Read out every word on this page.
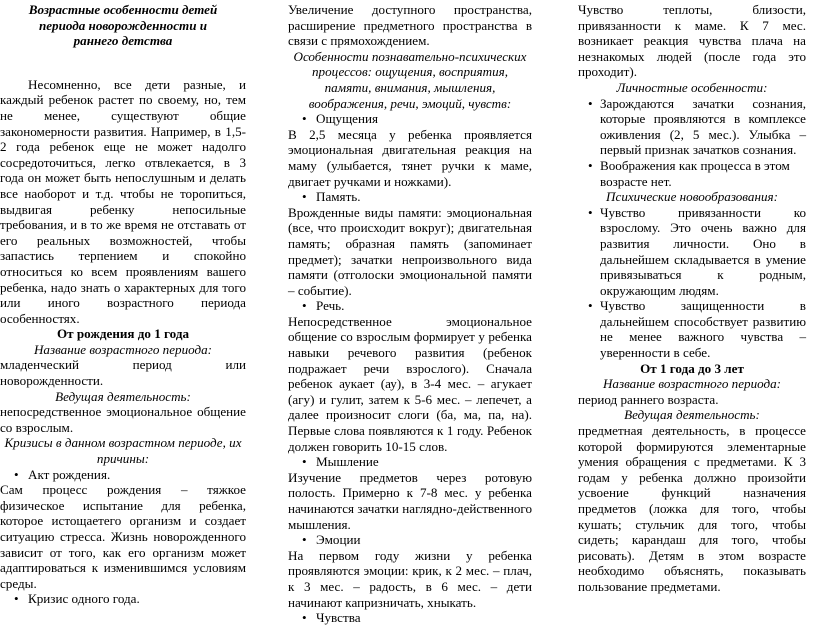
Возрастные особенности детей периода новорожденности и раннего детства

Несомненно, все дети разные, и каждый ребенок растет по своему, но, тем не менее, существуют общие закономерности развития. Например, в 1,5-2 года ребенок еще не может надолго сосредоточиться, легко отвлекается, в 3 года он может быть непослушным и делать все наоборот и т.д. чтобы не торопиться, выдвигая ребенку непосильные требования, и в то же время не отставать от его реальных возможностей, чтобы запастись терпением и спокойно относиться ко всем проявлениям вашего ребенка, надо знать о характерных для того или иного возрастного периода особенностях.

От рождения до 1 года

Название возрастного периода:

младенческий период или новорожденности.

Ведущая деятельность:

непосредственное эмоциональное общение со взрослым.

Кризисы в данном возрастном периоде, их причины:

• Акт рождения.

Сам процесс рождения – тяжкое физическое испытание для ребенка, которое истощаетего организм и создает ситуацию стресса. Жизнь новорожденного зависит от того, как его организм может адаптироваться к изменившимся условиям среды.

• Кризис одного года.

Увеличение доступного пространства, расширение предметного пространства в связи с прямохождением.

Особенности познавательно-психических процессов: ощущения, восприятия, памяти, внимания, мышления, воображения, речи, эмоций, чувств:

• Ощущения

В 2,5 месяца у ребенка проявляется эмоциональная двигательная реакция на маму (улыбается, тянет ручки к маме, двигает ручками и ножками).

• Память.

Врожденные виды памяти: эмоциональная (все, что происходит вокруг); двигательная память; образная память (запоминает предмет); зачатки непроизвольного вида памяти (отголоски эмоциональной памяти – событие).

• Речь.

Непосредственное эмоциональное общение со взрослым формирует у ребенка навыки речевого развития (ребенок подражает речи взрослого). Сначала ребенок аукает (ау), в 3-4 мес. – агукает (агу) и гулит, затем к 5-6 мес. – лепечет, а далее произносит слоги (ба, ма, па, на). Первые слова появляются к 1 году. Ребенок должен говорить 10-15 слов.

• Мышление

Изучение предметов через ротовую полость. Примерно к 7-8 мес. у ребенка начинаются зачатки наглядно-действенного мышления.

• Эмоции

На первом году жизни у ребенка проявляются эмоции: крик, к 2 мес. – плач, к 3 мес. – радость, в 6 мес. – дети начинают капризничать, хныкать.

• Чувства

Чувство теплоты, близости, привязанности к маме. К 7 мес. возникает реакция чувства плача на незнакомых людей (после года это проходит).

Личностные особенности:

• Зарождаются зачатки сознания, которые проявляются в комплексе оживления (2, 5 мес.). Улыбка – первый признак зачатков сознания.

• Воображения как процесса в этом возрасте нет.

Психические новообразования:

• Чувство привязанности ко взрослому. Это очень важно для развития личности. Оно в дальнейшем складывается в умение привязываться к родным, окружающим людям.

• Чувство защищенности в дальнейшем способствует развитию не менее важного чувства – уверенности в себе.

От 1 года до 3 лет

Название возрастного периода:

период раннего возраста.

Ведущая деятельность:

предметная деятельность, в процессе которой формируются элементарные умения обращения с предметами. К 3 годам у ребенка должно произойти усвоение функций назначения предметов (ложка для того, чтобы кушать; стульчик для того, чтобы сидеть; карандаш для того, чтобы рисовать). Детям в этом возрасте необходимо объяснять, показывать пользование предметами.
